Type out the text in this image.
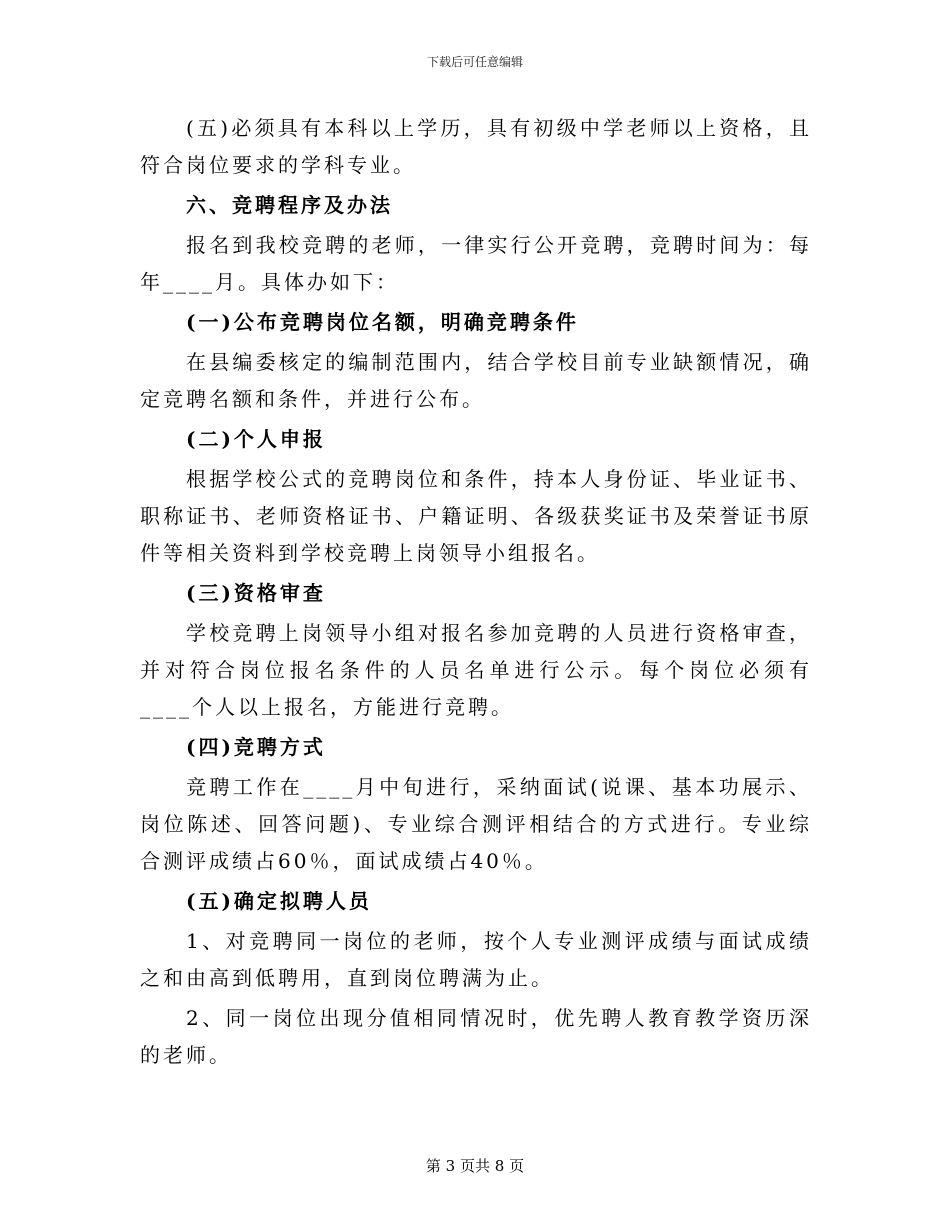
下载后可任意编辑

(五)必须具有本科以上学历，具有初级中学老师以上资格，且符合岗位要求的学科专业。

六、竞聘程序及办法

报名到我校竞聘的老师，一律实行公开竞聘，竞聘时间为：每年____月。具体办如下：

(一)公布竞聘岗位名额，明确竞聘条件

在县编委核定的编制范围内，结合学校目前专业缺额情况，确定竞聘名额和条件，并进行公布。

(二)个人申报

根据学校公式的竞聘岗位和条件，持本人身份证、毕业证书、职称证书、老师资格证书、户籍证明、各级获奖证书及荣誉证书原件等相关资料到学校竞聘上岗领导小组报名。

(三)资格审查

学校竞聘上岗领导小组对报名参加竞聘的人员进行资格审查，并对符合岗位报名条件的人员名单进行公示。每个岗位必须有____个人以上报名，方能进行竞聘。

(四)竞聘方式

竞聘工作在____月中旬进行，采纳面试(说课、基本功展示、岗位陈述、回答问题)、专业综合测评相结合的方式进行。专业综合测评成绩占60％，面试成绩占40％。

(五)确定拟聘人员

1、对竞聘同一岗位的老师，按个人专业测评成绩与面试成绩之和由高到低聘用，直到岗位聘满为止。

2、同一岗位出现分值相同情况时，优先聘人教育教学资历深的老师。

第 3 页共 8 页
